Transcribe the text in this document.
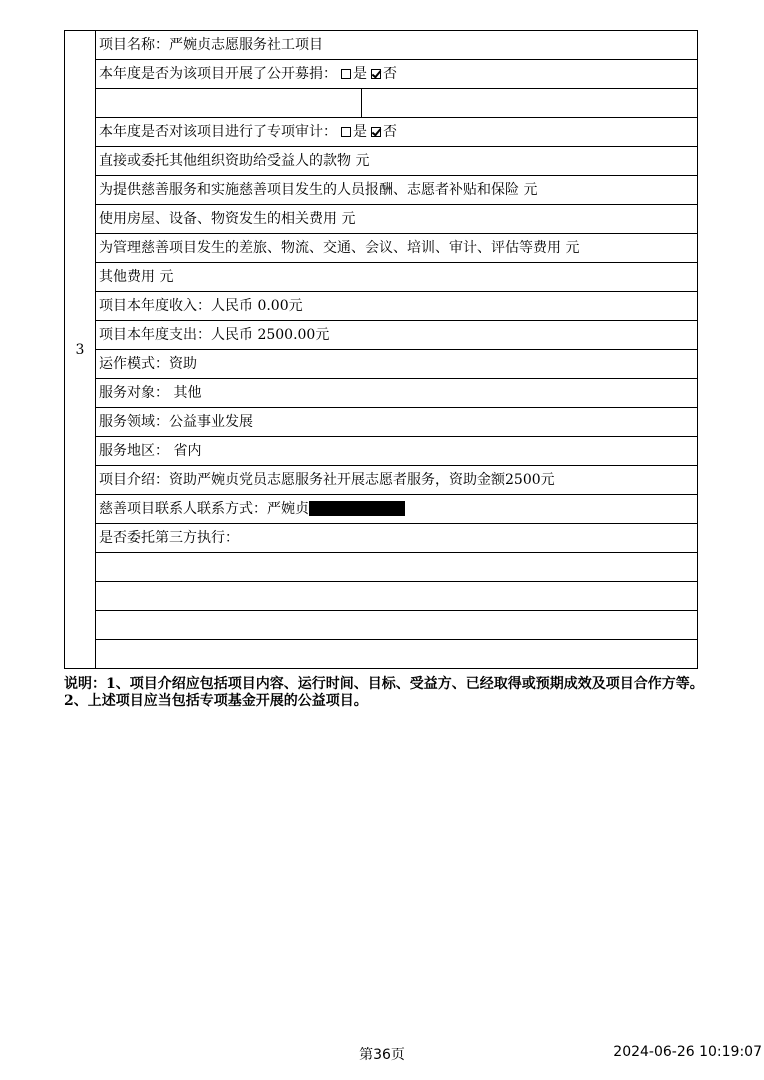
3	项目名称：严婉贞志愿服务社工项目	
	本年度是否为该项目开展了公开募捐： 是 否	

	本年度是否对该项目进行了专项审计： 是 否	
	直接或委托其他组织资助给受益人的款物 元	
	为提供慈善服务和实施慈善项目发生的人员报酬、志愿者补贴和保险 元	
	使用房屋、设备、物资发生的相关费用 元	
	为管理慈善项目发生的差旅、物流、交通、会议、培训、审计、评估等费用 元	
	其他费用 元	
	项目本年度收入：人民币 0.00元	
	项目本年度支出：人民币 2500.00元	
	运作模式：资助	
	服务对象： 其他	
	服务领域：公益事业发展	
	服务地区： 省内	
	项目介绍：资助严婉贞党员志愿服务社开展志愿者服务，资助金额2500元	
	慈善项目联系人联系方式：严婉贞	
	是否委托第三方执行：	

说明：1、项目介绍应包括项目内容、运行时间、目标、受益方、已经取得或预期成效及项目合作方等。

2、上述项目应当包括专项基金开展的公益项目。

第36页	2024-06-26 10:19:07
